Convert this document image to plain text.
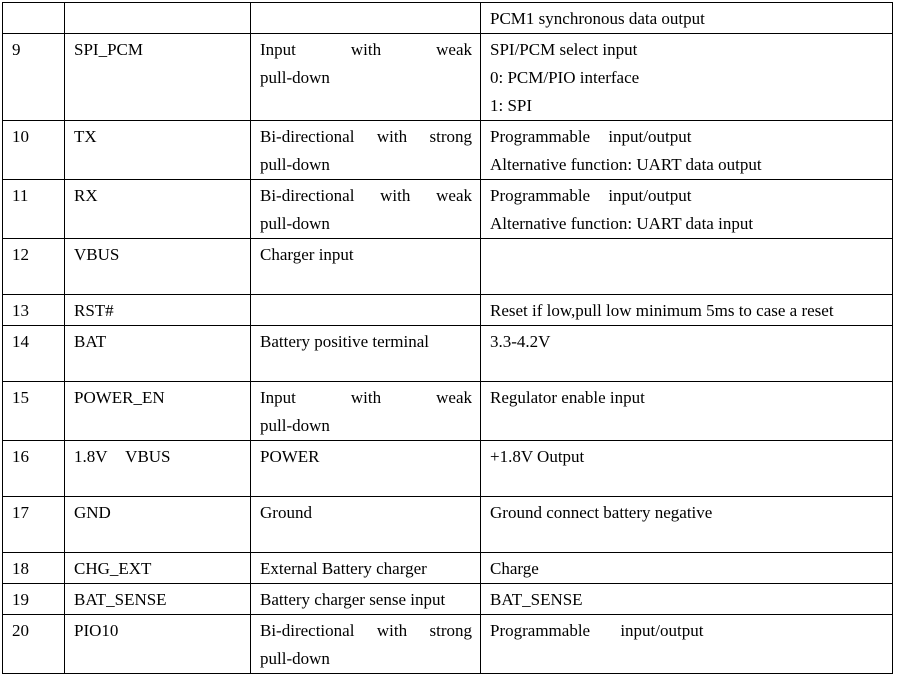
			PCM1 synchronous data output

9	SPI_PCM	Input with weak
pull-down	SPI/PCM select input
0: PCM/PIO interface
1: SPI

10	TX	Bi-directional with strong
pull-down	Programmable input/output
Alternative function: UART data output

11	RX	Bi-directional with weak
pull-down	Programmable input/output
Alternative function: UART data input

12	VBUS	Charger input	

13	RST#		Reset if low,pull low minimum 5ms to case a reset

14	BAT	Battery positive terminal	3.3-4.2V

15	POWER_EN	Input with weak
pull-down	Regulator enable input

16	1.8V VBUS	POWER	+1.8V Output

17	GND	Ground	Ground connect battery negative

18	CHG_EXT	External Battery charger	Charge

19	BAT_SENSE	Battery charger sense input	BAT_SENSE

20	PIO10	Bi-directional with strong
pull-down	Programmable input/output
